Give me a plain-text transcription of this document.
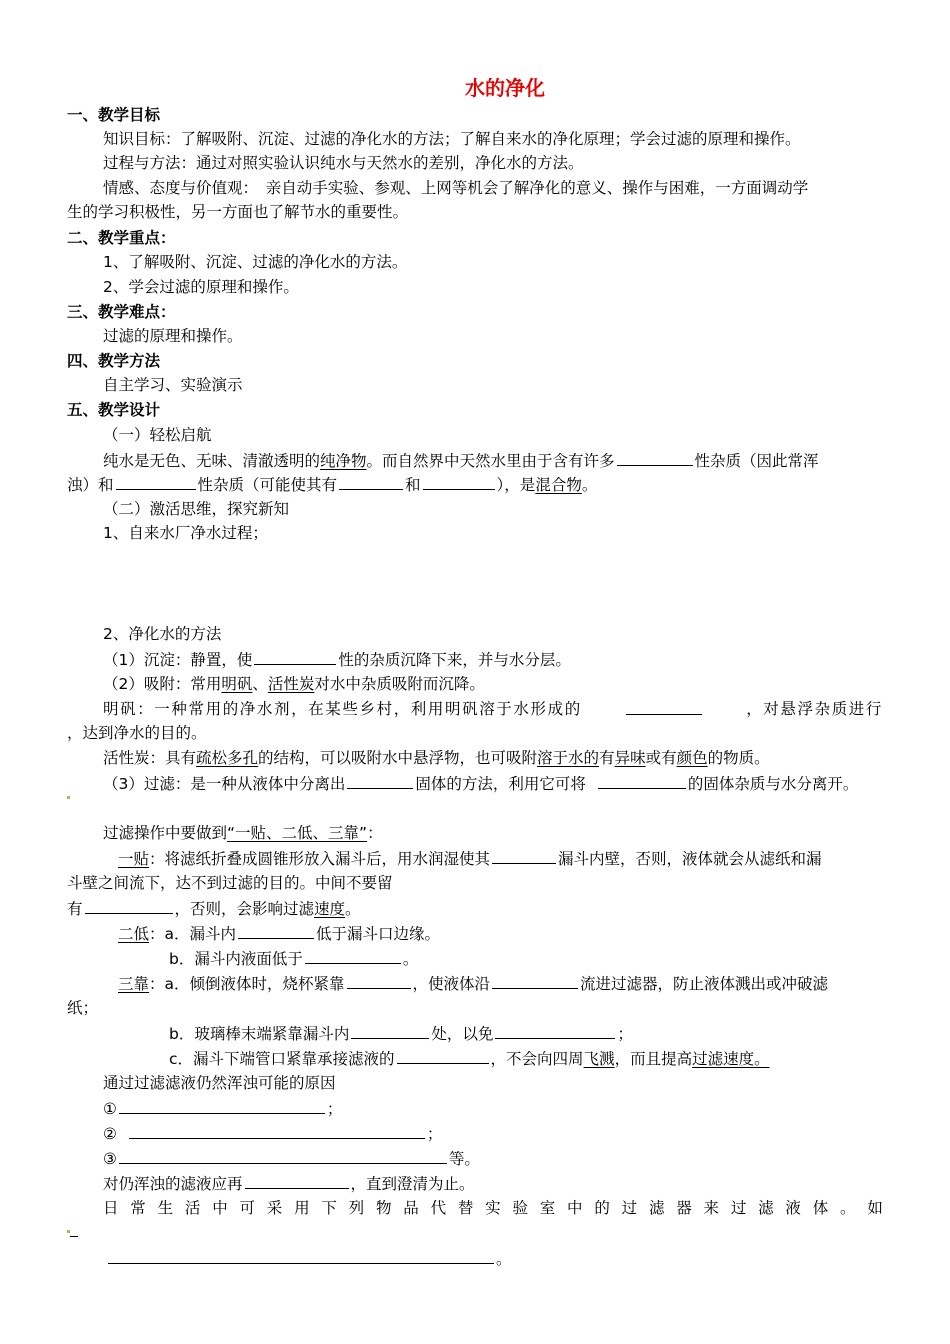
水的净化
一、教学目标
知识目标：了解吸附、沉淀、过滤的净化水的方法；了解自来水的净化原理；学会过滤的原理和操作。
过程与方法：通过对照实验认识纯水与天然水的差别，净化水的方法。
情感、态度与价值观：　亲自动手实验、参观、上网等机会了解净化的意义、操作与困难，一方面调动学
生的学习积极性，另一方面也了解节水的重要性。
二、教学重点：
1、了解吸附、沉淀、过滤的净化水的方法。
2、学会过滤的原理和操作。
三、教学难点：
过滤的原理和操作。
四、教学方法
自主学习、实验演示
五、教学设计
（一）轻松启航
纯水是无色、无味、清澈透明的纯净物。而自然界中天然水里由于含有许多	性杂质（因此常浑
浊）和	性杂质（可能使其有	和	），是混合物。
（二）激活思维，探究新知
1、自来水厂净水过程；
2、净化水的方法
（1）沉淀：静置，使	性的杂质沉降下来，并与水分层。
（2）吸附：常用明矾、活性炭对水中杂质吸附而沉降。
明矾：一种常用的净水剂，在某些乡村，利用明矾溶于水形成的	，对悬浮杂质进行
，达到净水的目的。
活性炭：具有疏松多孔的结构，可以吸附水中悬浮物，也可吸附溶于水的有异味或有颜色的物质。
（3）过滤：是一种从液体中分离出	固体的方法，利用它可将	的固体杂质与水分离开。
过滤操作中要做到“一贴、二低、三靠”：
一贴：将滤纸折叠成圆锥形放入漏斗后，用水润湿使其	漏斗内壁，否则，液体就会从滤纸和漏
斗壁之间流下，达不到过滤的目的。中间不要留
有	，否则，会影响过滤速度。
二低：a．漏斗内	低于漏斗口边缘。
b．漏斗内液面低于	。
三靠：a．倾倒液体时，烧杯紧靠	，使液体沿	流进过滤器，防止液体溅出或冲破滤
纸；
b．玻璃棒末端紧靠漏斗内	处，以免	；
c．漏斗下端管口紧靠承接滤液的	，不会向四周飞溅，而且提高过滤速度。
通过过滤滤液仍然浑浊可能的原因
①	；
②	；
③	等。
对仍浑浊的滤液应再	，直到澄清为止。
日 常 生 活 中 可 采 用 下 列 物 品 代 替 实 验 室 中 的 过 滤 器 来 过 滤 液 体 。 如
。
